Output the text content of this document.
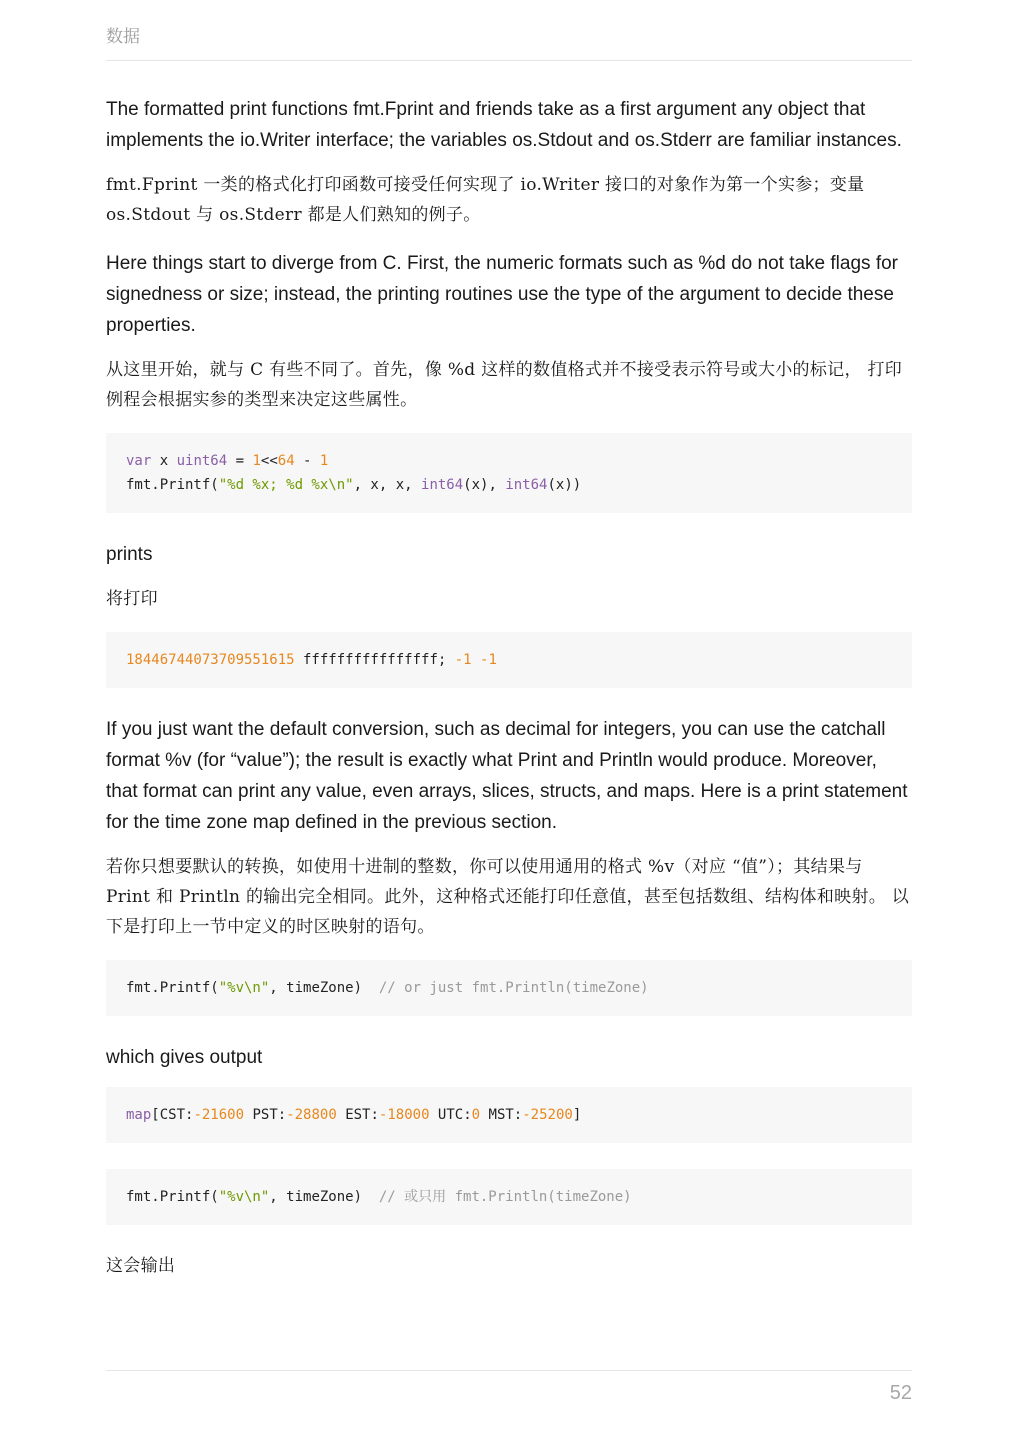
数据

The formatted print functions fmt.Fprint and friends take as a first argument any object that implements the io.Writer interface; the variables os.Stdout and os.Stderr are familiar instances.

fmt.Fprint 一类的格式化打印函数可接受任何实现了 io.Writer 接口的对象作为第一个实参；变量 os.Stdout 与 os.Stderr 都是人们熟知的例子。

Here things start to diverge from C. First, the numeric formats such as %d do not take flags for signedness or size; instead, the printing routines use the type of the argument to decide these properties.

从这里开始，就与 C 有些不同了。首先，像 %d 这样的数值格式并不接受表示符号或大小的标记， 打印例程会根据实参的类型来决定这些属性。

var x uint64 = 1<<64 - 1
fmt.Printf("%d %x; %d %x\n", x, x, int64(x), int64(x))

prints

将打印

18446744073709551615 ffffffffffffffff; -1 -1

If you just want the default conversion, such as decimal for integers, you can use the catchall format %v (for “value”); the result is exactly what Print and Println would produce. Moreover, that format can print any value, even arrays, slices, structs, and maps. Here is a print statement for the time zone map defined in the previous section.

若你只想要默认的转换，如使用十进制的整数，你可以使用通用的格式 %v（对应 “值”）；其结果与 Print 和 Println 的输出完全相同。此外，这种格式还能打印任意值，甚至包括数组、结构体和映射。 以下是打印上一节中定义的时区映射的语句。

fmt.Printf("%v\n", timeZone)  // or just fmt.Println(timeZone)

which gives output

map[CST:-21600 PST:-28800 EST:-18000 UTC:0 MST:-25200]
fmt.Printf("%v\n", timeZone)  // 或只用 fmt.Println(timeZone)

这会输出

52
